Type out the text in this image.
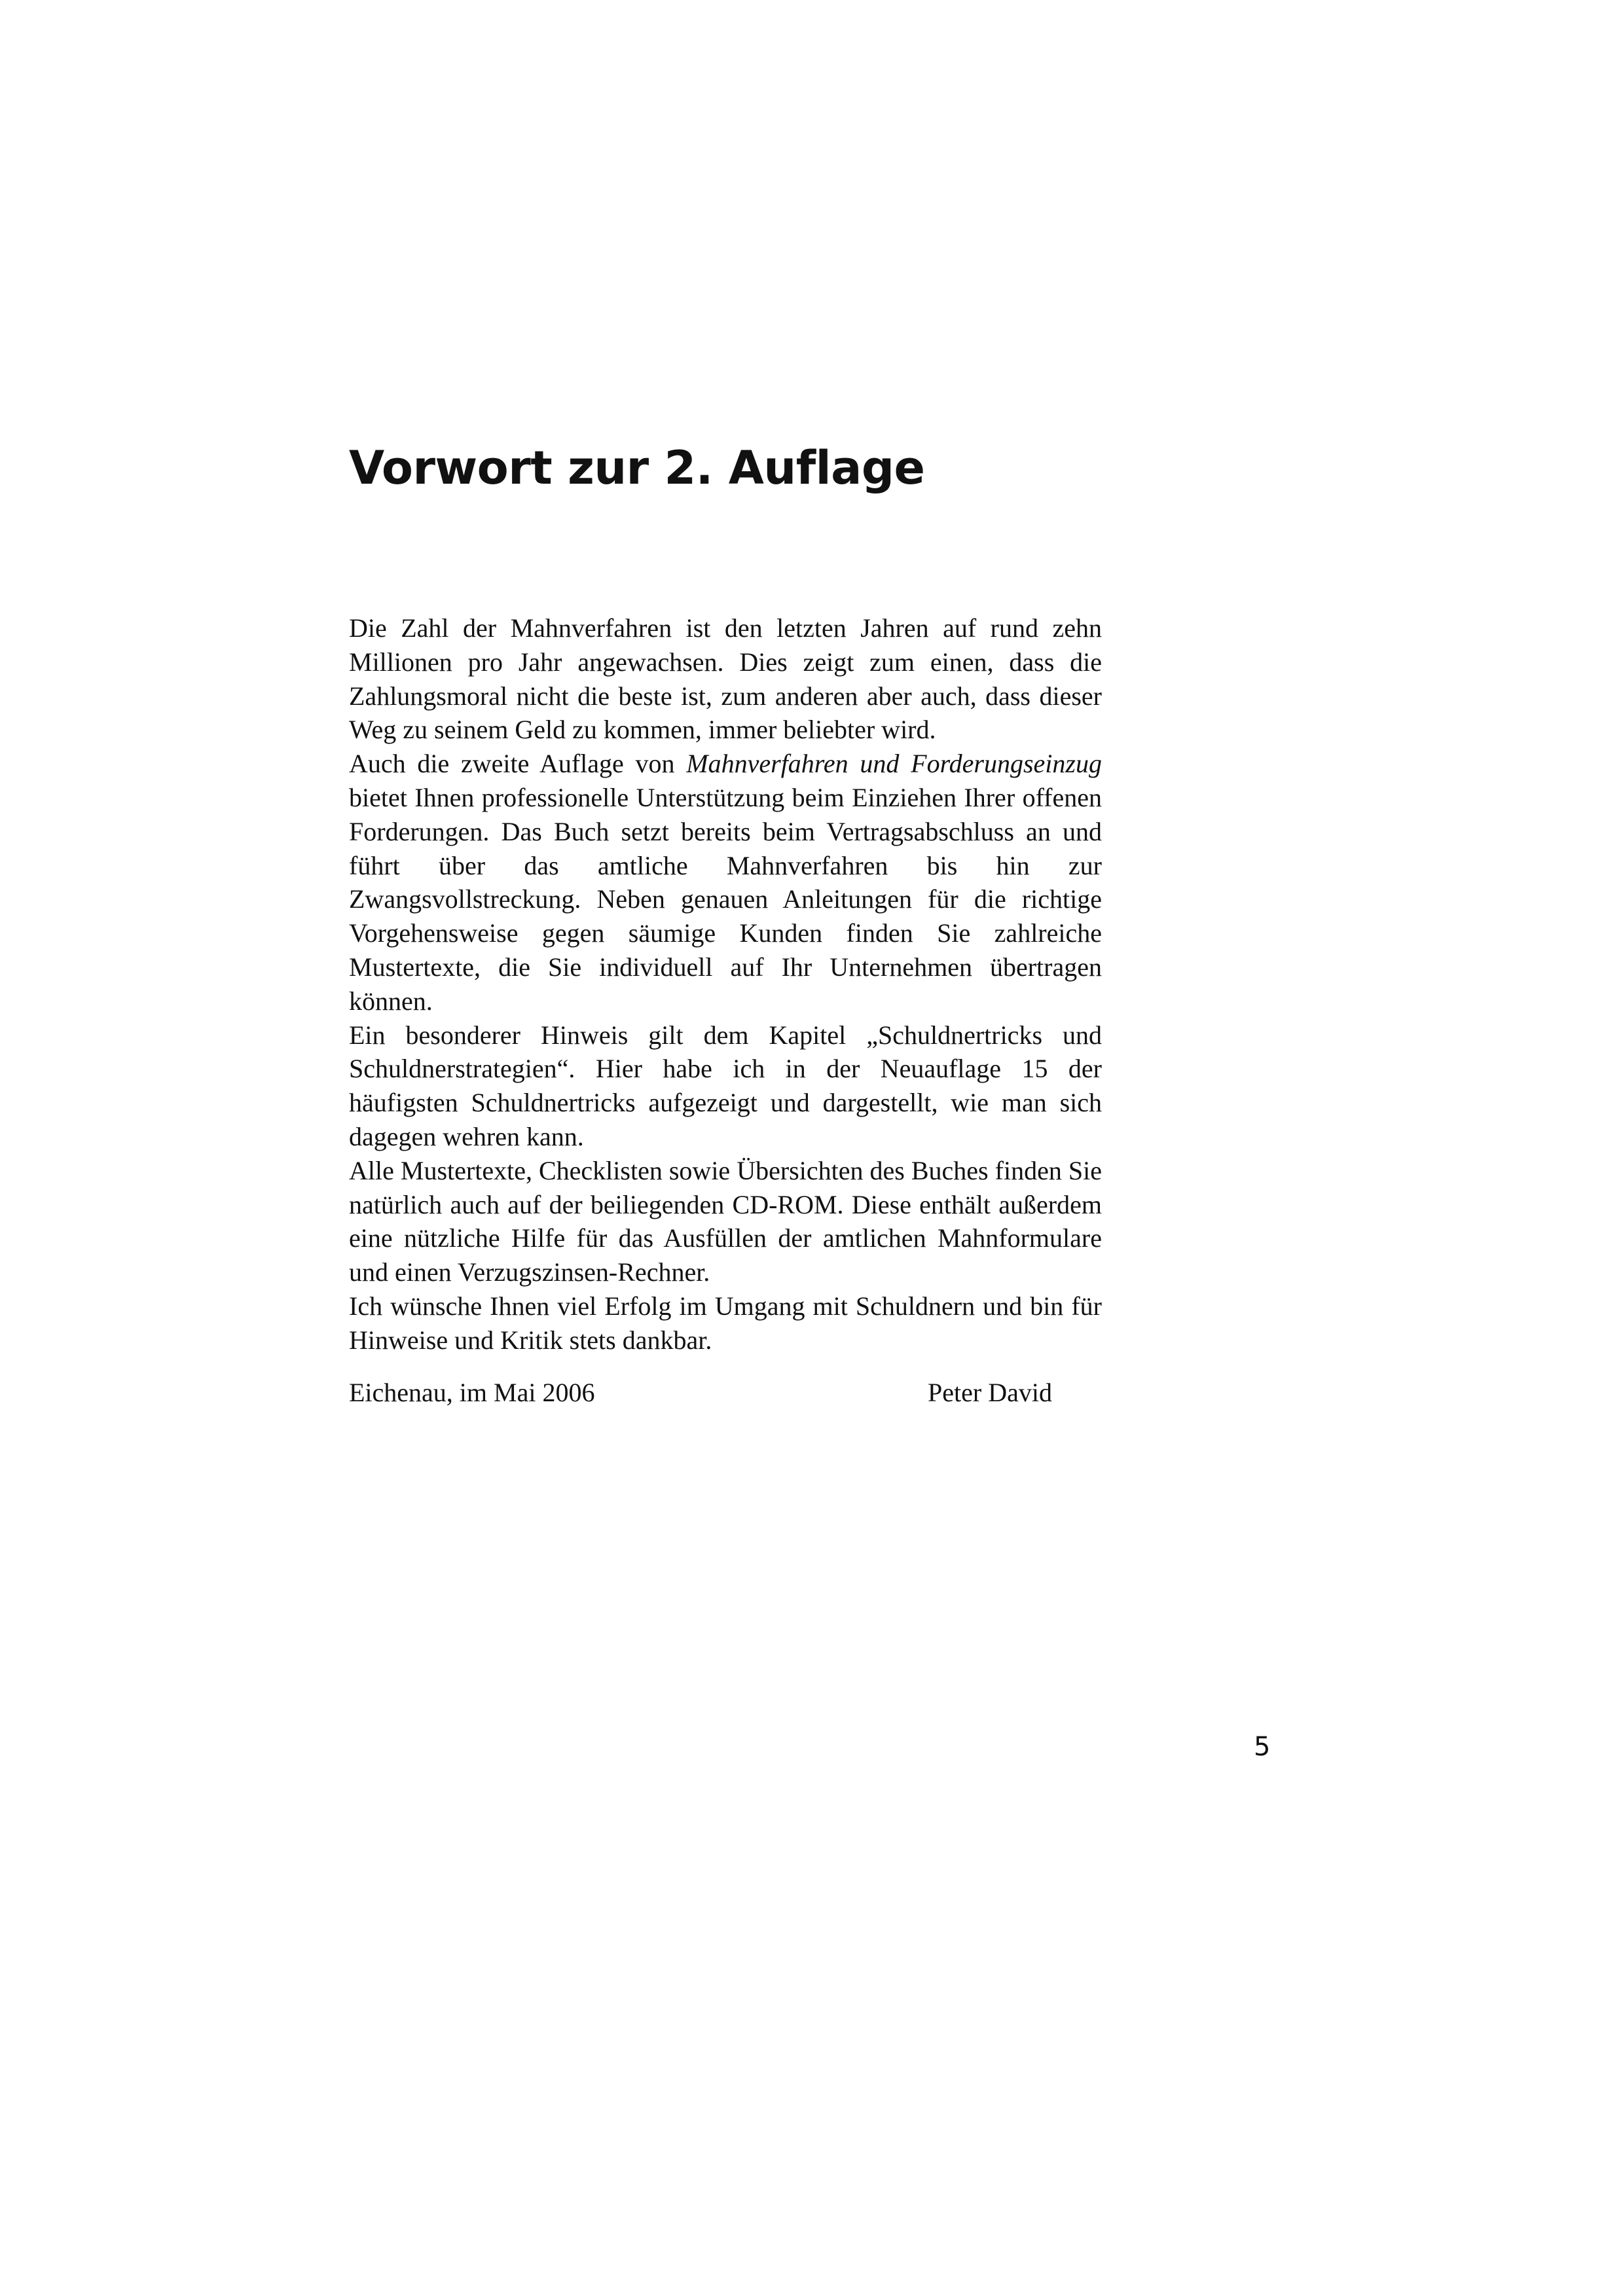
Vorwort zur 2. Auflage

Die Zahl der Mahnverfahren ist den letzten Jahren auf rund zehn Millionen pro Jahr angewachsen. Dies zeigt zum einen, dass die Zahlungsmoral nicht die beste ist, zum anderen aber auch, dass dieser Weg zu seinem Geld zu kommen, immer beliebter wird.

Auch die zweite Auflage von Mahnverfahren und Forderungseinzug bietet Ihnen professionelle Unterstützung beim Einziehen Ihrer offenen Forderungen. Das Buch setzt bereits beim Vertragsabschluss an und führt über das amtliche Mahnverfahren bis hin zur Zwangsvollstreckung. Neben genauen Anleitungen für die richtige Vorgehensweise gegen säumige Kunden finden Sie zahlreiche Mustertexte, die Sie individuell auf Ihr Unternehmen übertragen können.

Ein besonderer Hinweis gilt dem Kapitel „Schuldnertricks und Schuldnerstrategien“. Hier habe ich in der Neuauflage 15 der häufigsten Schuldnertricks aufgezeigt und dargestellt, wie man sich dagegen wehren kann.

Alle Mustertexte, Checklisten sowie Übersichten des Buches finden Sie natürlich auch auf der beiliegenden CD-ROM. Diese enthält außerdem eine nützliche Hilfe für das Ausfüllen der amtlichen Mahnformulare und einen Verzugszinsen-Rechner.

Ich wünsche Ihnen viel Erfolg im Umgang mit Schuldnern und bin für Hinweise und Kritik stets dankbar.

Eichenau, im Mai 2006	Peter David

5
